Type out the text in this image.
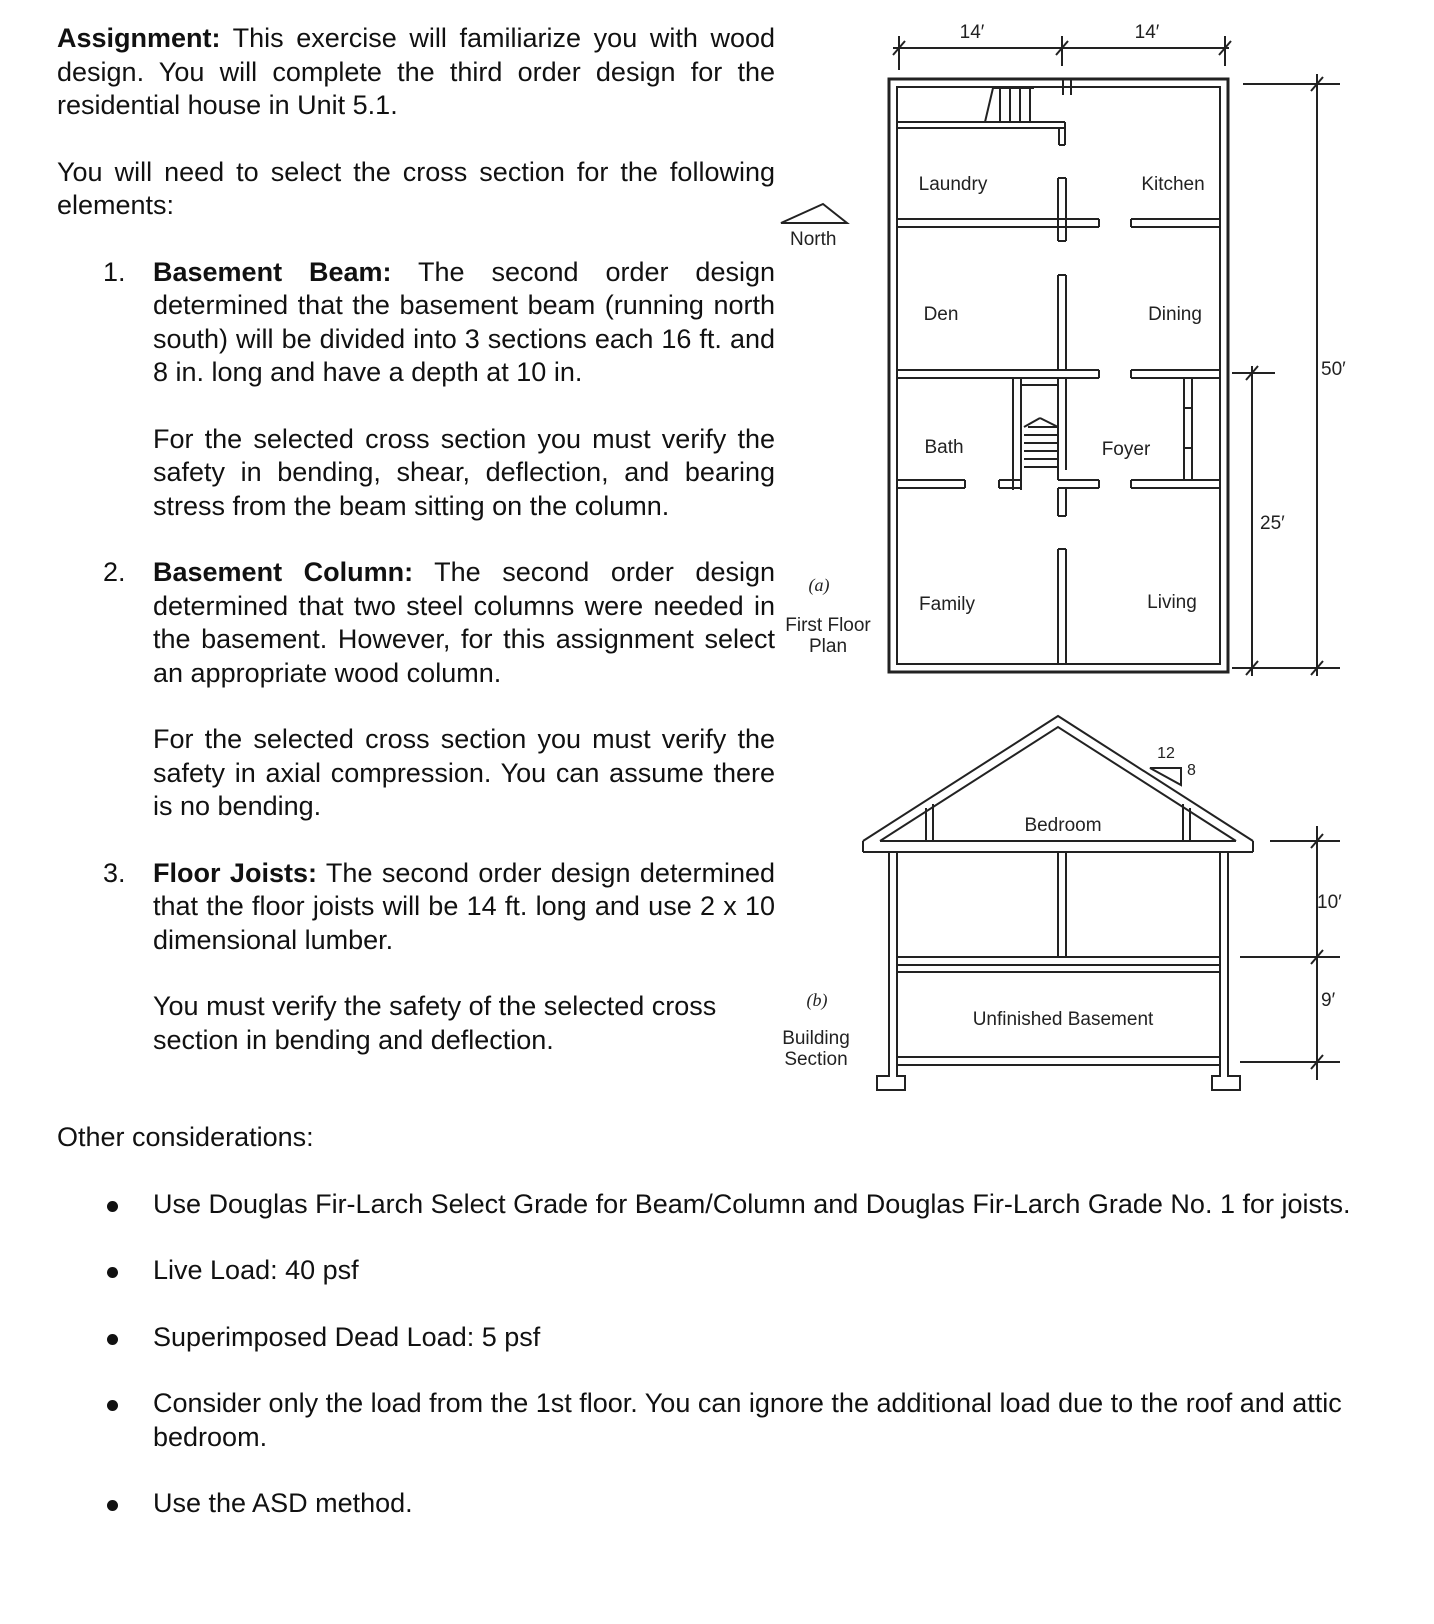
Assignment: This exercise will familiarize you with wood design. You will complete the third order design for the residential house in Unit 5.1.

You will need to select the cross section for the following elements:

1. Basement Beam: The second order design determined that the basement beam (running north south) will be divided into 3 sections each 16 ft. and 8 in. long and have a depth at 10 in.

For the selected cross section you must verify the safety in bending, shear, deflection, and bearing stress from the beam sitting on the column.

2. Basement Column: The second order design determined that two steel columns were needed in the basement. However, for this assignment select an appropriate wood column.

For the selected cross section you must verify the safety in axial compression. You can assume there is no bending.

3. Floor Joists: The second order design determined that the floor joists will be 14 ft. long and use 2 x 10 dimensional lumber.

You must verify the safety of the selected cross section in bending and deflection.

Other considerations:
Use Douglas Fir-Larch Select Grade for Beam/Column and Douglas Fir-Larch Grade No. 1 for joists.
Live Load: 40 psf
Superimposed Dead Load: 5 psf
Consider only the load from the 1st floor. You can ignore the additional load due to the roof and attic bedroom.
Use the ASD method.
14′	14′
50′
25′
North
Laundry	Kitchen
Den	Dining
Bath	Foyer
Family	Living
(a)
First Floor
Plan
12
8
Bedroom
Unfinished Basement
10′
9′
(b)
Building
Section
